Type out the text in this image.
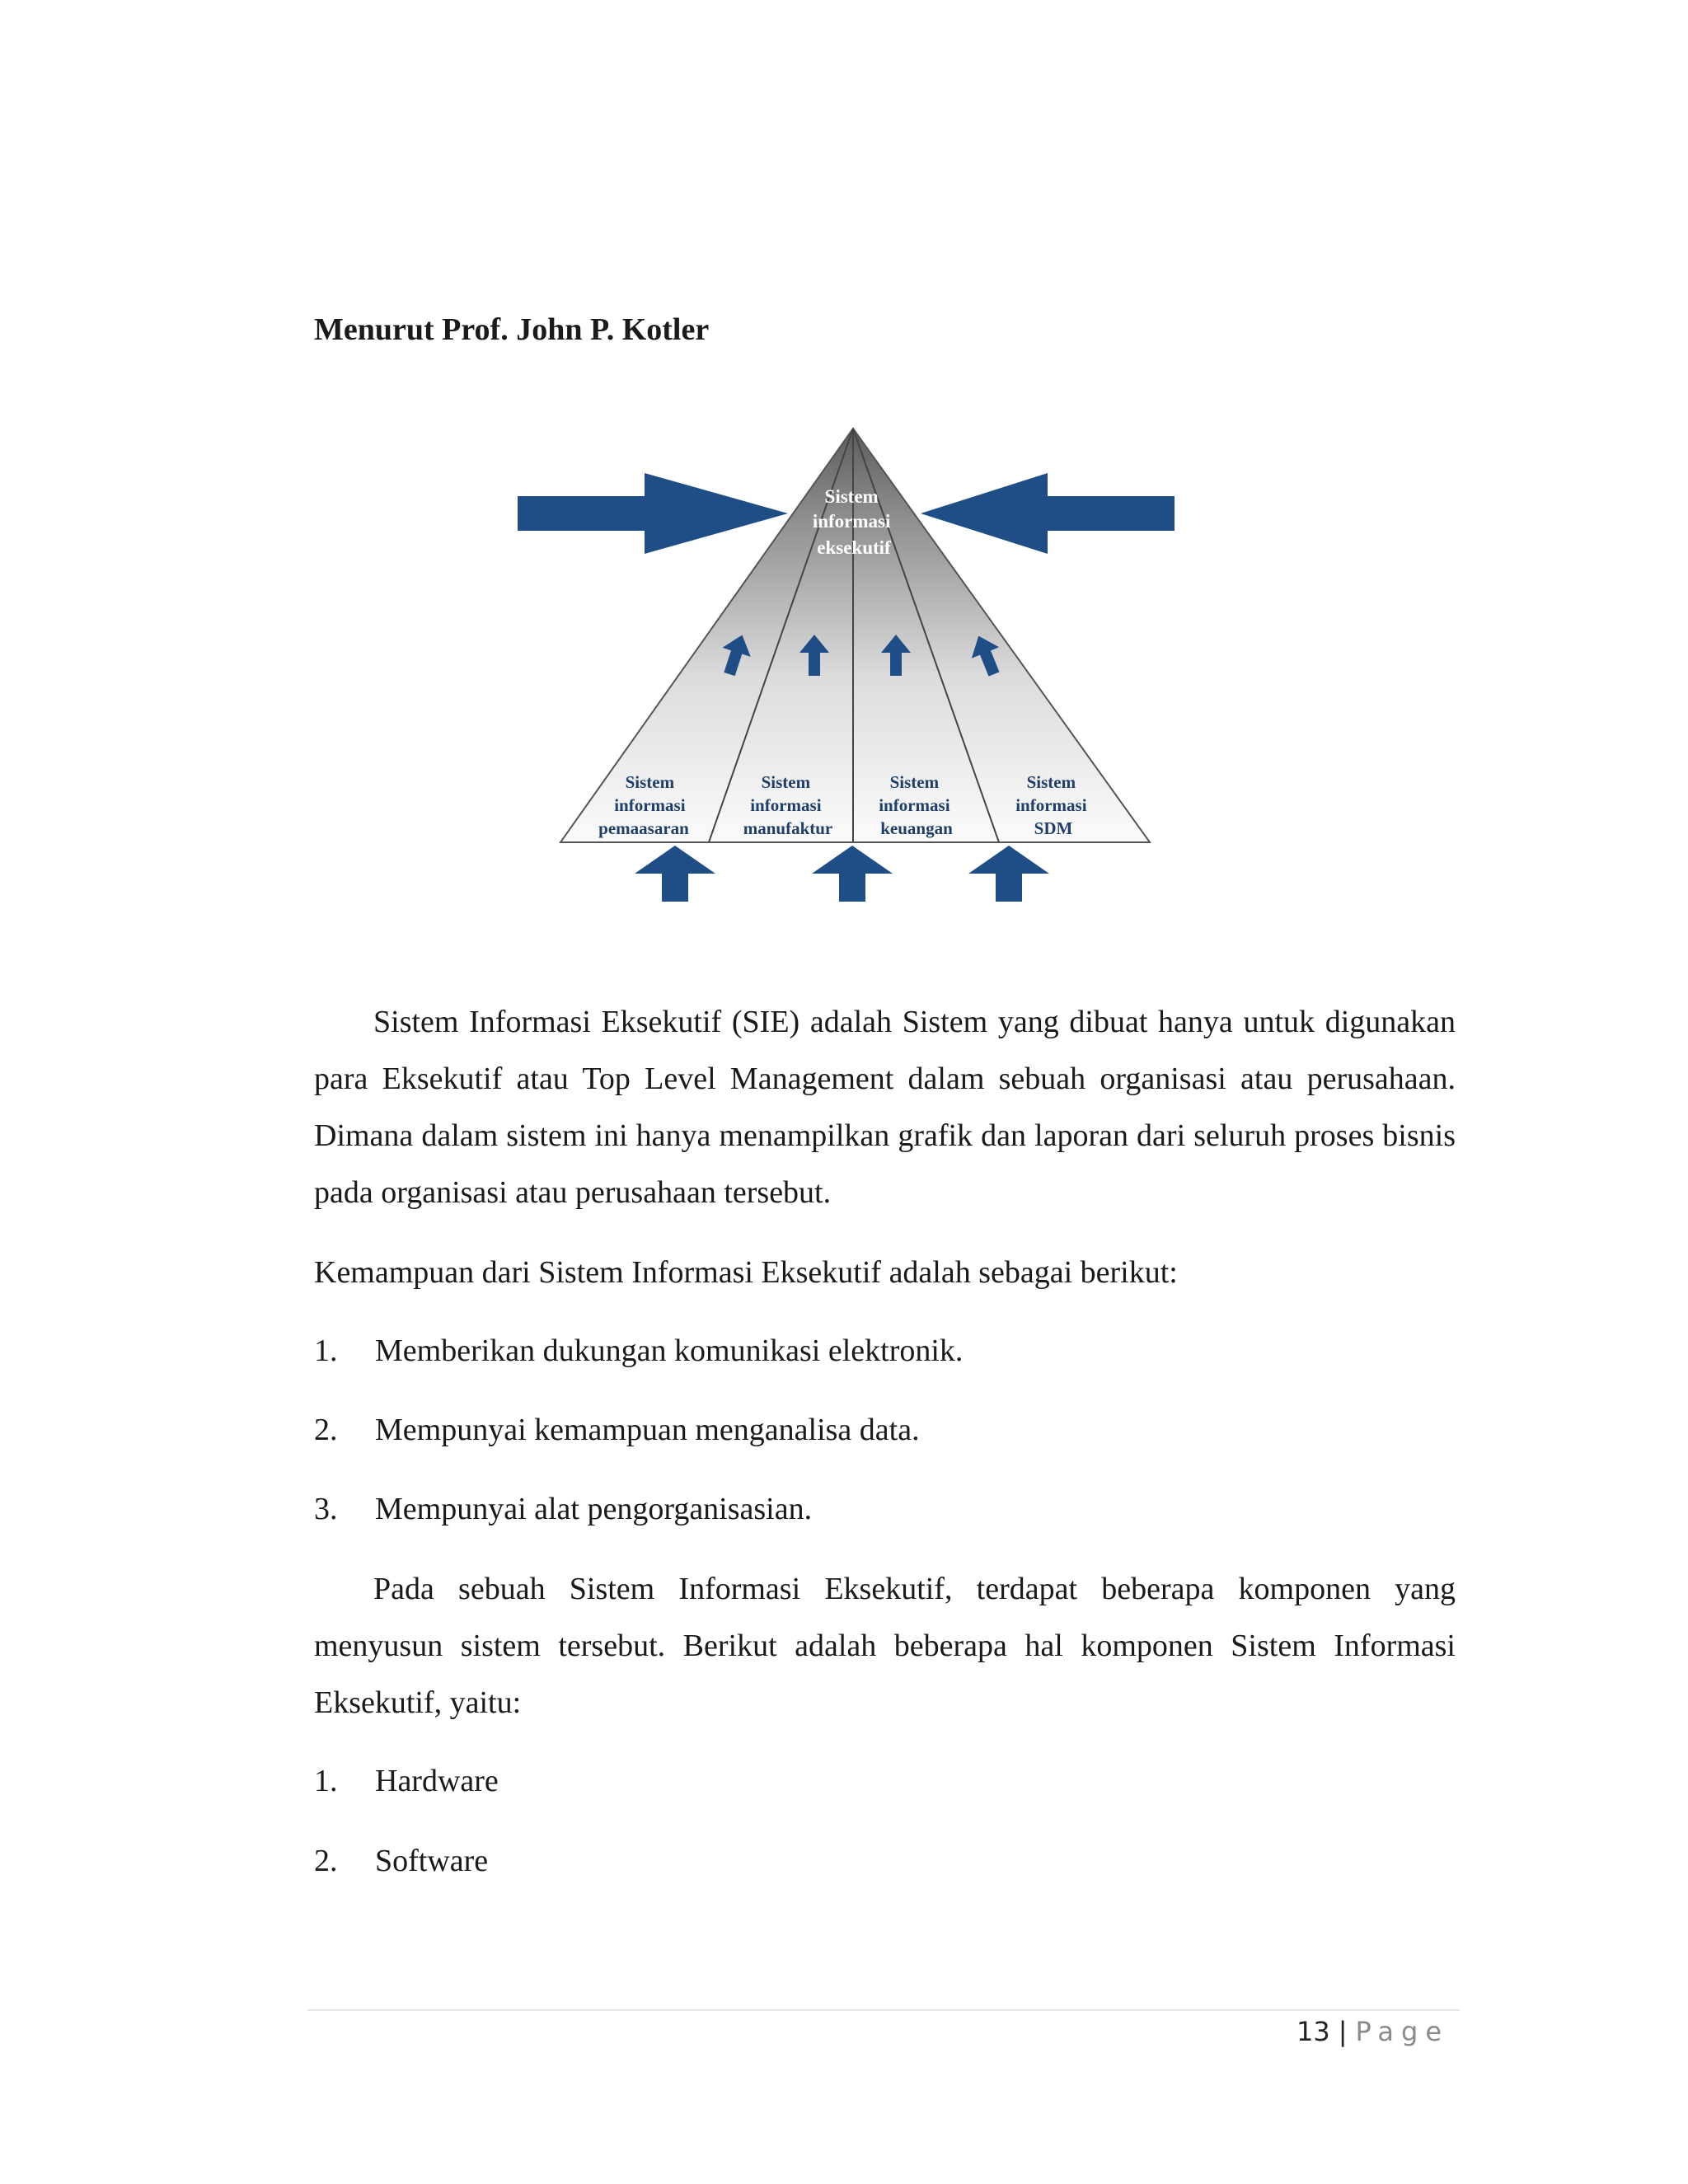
Menurut Prof. John P. Kotler
Sistem informasi eksekutif
Sistem informasi pemaasaran
Sistem informasi manufaktur
Sistem informasi keuangan
Sistem informasi SDM

Sistem Informasi Eksekutif (SIE) adalah Sistem yang dibuat hanya untuk digunakan para Eksekutif atau Top Level Management dalam sebuah organisasi atau perusahaan. Dimana dalam sistem ini hanya menampilkan grafik dan laporan dari seluruh proses bisnis pada organisasi atau perusahaan tersebut.

Kemampuan dari Sistem Informasi Eksekutif adalah sebagai berikut:
1. Memberikan dukungan komunikasi elektronik.
2. Mempunyai kemampuan menganalisa data.
3. Mempunyai alat pengorganisasian.

Pada sebuah Sistem Informasi Eksekutif, terdapat beberapa komponen yang menyusun sistem tersebut. Berikut adalah beberapa hal komponen Sistem Informasi Eksekutif, yaitu:

1. Hardware
2. Software
13 | Page
